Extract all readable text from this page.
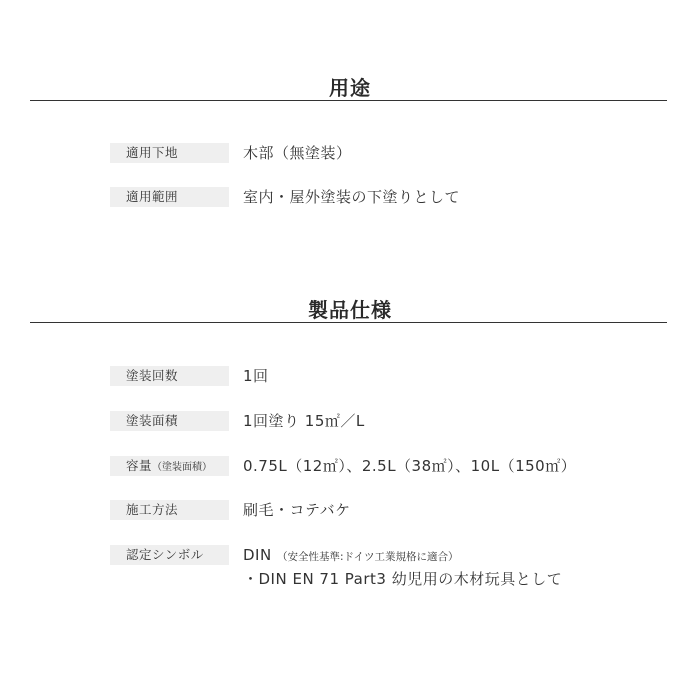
用途
適用下地	木部（無塗装）
適用範囲	室内・屋外塗装の下塗りとして
製品仕様
塗装回数	1回
塗装面積	1回塗り 15㎡／L
容量（塗装面積）	0.75L（12㎡）、2.5L（38㎡）、10L（150㎡）
施工方法	刷毛・コテバケ
認定シンボル	DIN （安全性基準:ドイツ工業規格に適合）
・DIN EN 71 Part3 幼児用の木材玩具として
